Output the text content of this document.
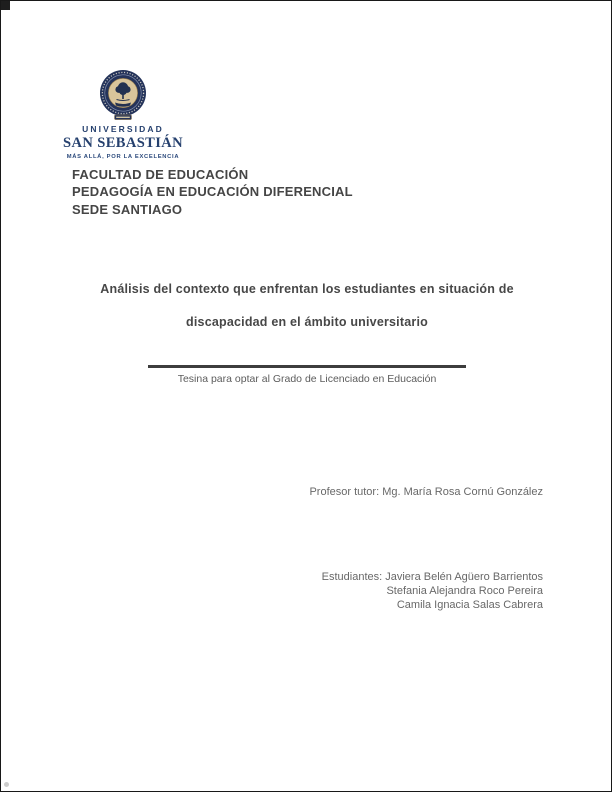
UNIVERSIDAD
SAN SEBASTIÁN
MÁS ALLÁ, POR LA EXCELENCIA
FACULTAD DE EDUCACIÓN
PEDAGOGÍA EN EDUCACIÓN DIFERENCIAL
SEDE SANTIAGO
Análisis del contexto que enfrentan los estudiantes en situación de
discapacidad en el ámbito universitario
Tesina para optar al Grado de Licenciado en Educación
Profesor tutor: Mg. María Rosa Cornú González
Estudiantes: Javiera Belén Agüero Barrientos
Stefania Alejandra Roco Pereira
Camila Ignacia Salas Cabrera
